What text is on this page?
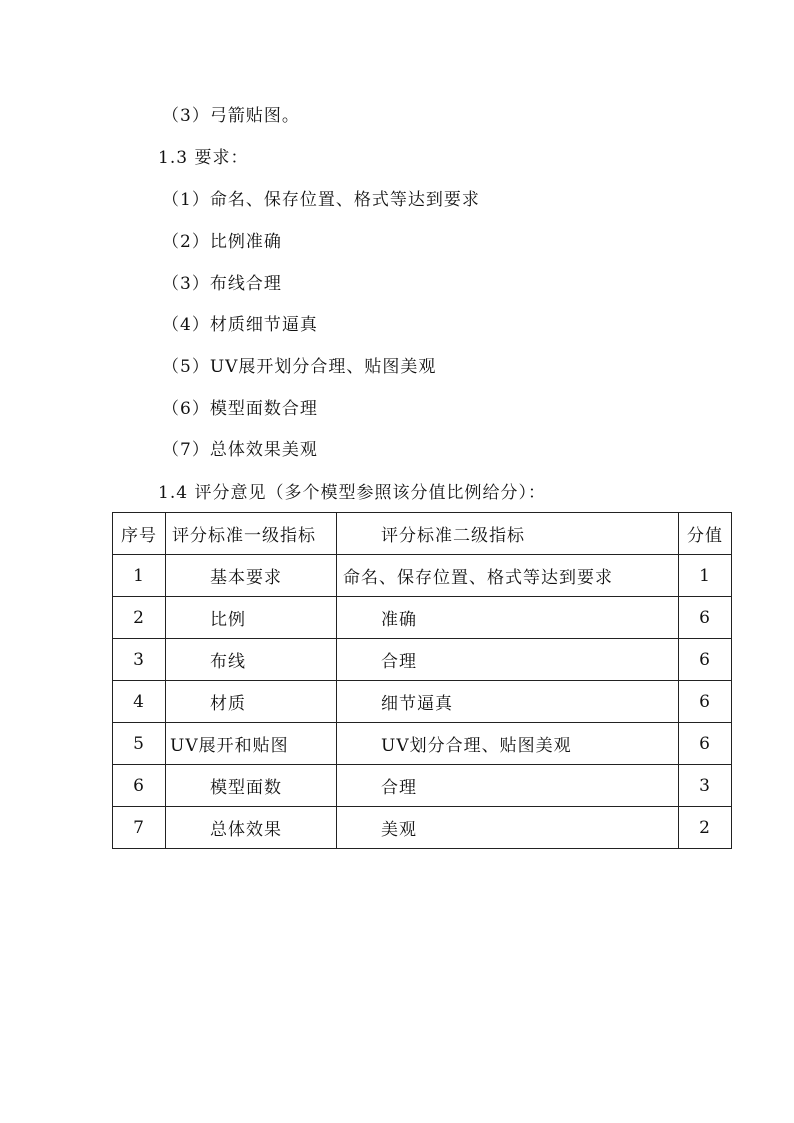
（3）弓箭贴图。
1.3 要求：
（1）命名、保存位置、格式等达到要求
（2）比例准确
（3）布线合理
（4）材质细节逼真
（5）UV展开划分合理、贴图美观
（6）模型面数合理
（7）总体效果美观
1.4 评分意见（多个模型参照该分值比例给分）：
序号	评分标准一级指标	评分标准二级指标	分值
1	基本要求	命名、保存位置、格式等达到要求	1
2	比例	准确	6
3	布线	合理	6
4	材质	细节逼真	6
5	UV展开和贴图	UV划分合理、贴图美观	6
6	模型面数	合理	3
7	总体效果	美观	2
